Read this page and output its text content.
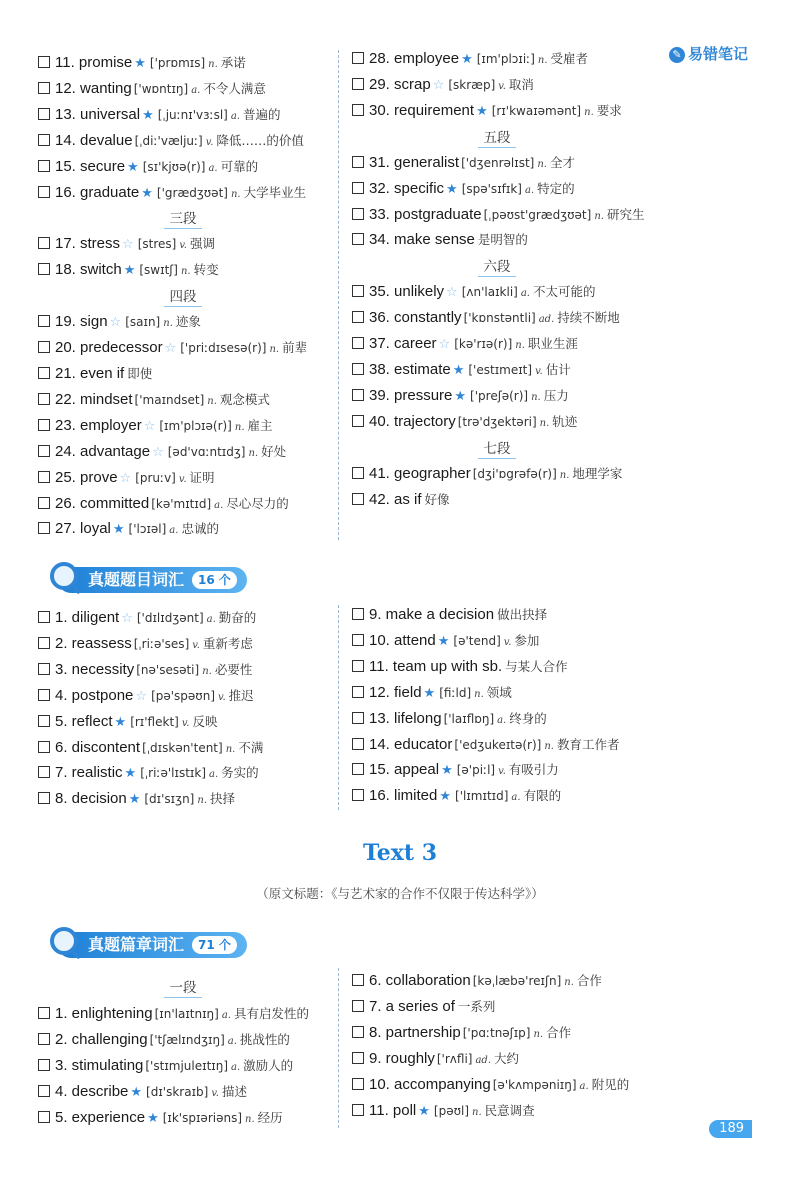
✎ 易错笔记
真题题目词汇 16 个
Text 3
（原文标题：《与艺术家的合作不仅限于传达科学》）
真题篇章词汇 71 个
189
11. promise ★ ['prɒmɪs] n. 承诺
12. wanting ['wɒntɪŋ] a. 不令人满意
13. universal ★ [ˌjuːnɪ'vɜːsl] a. 普遍的
14. devalue [ˌdiː'væljuː] v. 降低……的价值
15. secure ★ [sɪ'kjʊə(r)] a. 可靠的
16. graduate ★ ['grædʒʊət] n. 大学毕业生
三段
17. stress ☆ [stres] v. 强调
18. switch ★ [swɪtʃ] n. 转变
四段
19. sign ☆ [saɪn] n. 迹象
20. predecessor ☆ ['priːdɪsesə(r)] n. 前辈
21. even if 即使
22. mindset ['maɪndset] n. 观念模式
23. employer ☆ [ɪm'plɔɪə(r)] n. 雇主
24. advantage ☆ [əd'vɑːntɪdʒ] n. 好处
25. prove ☆ [pruːv] v. 证明
26. committed [kə'mɪtɪd] a. 尽心尽力的
27. loyal ★ ['lɔɪəl] a. 忠诚的
28. employee ★ [ɪm'plɔɪiː] n. 受雇者
29. scrap ☆ [skræp] v. 取消
30. requirement ★ [rɪ'kwaɪəmənt] n. 要求
五段
31. generalist ['dʒenrəlɪst] n. 全才
32. specific ★ [spə'sɪfɪk] a. 特定的
33. postgraduate [ˌpəʊst'grædʒʊət] n. 研究生
34. make sense 是明智的
六段
35. unlikely ☆ [ʌn'laɪkli] a. 不太可能的
36. constantly ['kɒnstəntli] ad. 持续不断地
37. career ☆ [kə'rɪə(r)] n. 职业生涯
38. estimate ★ ['estɪmeɪt] v. 估计
39. pressure ★ ['preʃə(r)] n. 压力
40. trajectory [trə'dʒektəri] n. 轨迹
七段
41. geographer [dʒi'ɒgrəfə(r)] n. 地理学家
42. as if 好像
1. diligent ☆ ['dɪlɪdʒənt] a. 勤奋的
2. reassess [ˌriːə'ses] v. 重新考虑
3. necessity [nə'sesəti] n. 必要性
4. postpone ☆ [pə'spəʊn] v. 推迟
5. reflect ★ [rɪ'flekt] v. 反映
6. discontent [ˌdɪskən'tent] n. 不满
7. realistic ★ [ˌriːə'lɪstɪk] a. 务实的
8. decision ★ [dɪ'sɪʒn] n. 抉择
9. make a decision 做出抉择
10. attend ★ [ə'tend] v. 参加
11. team up with sb. 与某人合作
12. field ★ [fiːld] n. 领域
13. lifelong ['laɪflɒŋ] a. 终身的
14. educator ['edʒukeɪtə(r)] n. 教育工作者
15. appeal ★ [ə'piːl] v. 有吸引力
16. limited ★ ['lɪmɪtɪd] a. 有限的
一段
1. enlightening [ɪn'laɪtnɪŋ] a. 具有启发性的
2. challenging ['tʃælɪndʒɪŋ] a. 挑战性的
3. stimulating ['stɪmjuleɪtɪŋ] a. 激励人的
4. describe ★ [dɪ'skraɪb] v. 描述
5. experience ★ [ɪk'spɪəriəns] n. 经历
6. collaboration [kəˌlæbə'reɪʃn] n. 合作
7. a series of 一系列
8. partnership ['pɑːtnəʃɪp] n. 合作
9. roughly ['rʌfli] ad. 大约
10. accompanying [ə'kʌmpəniɪŋ] a. 附见的
11. poll ★ [pəʊl] n. 民意调查
